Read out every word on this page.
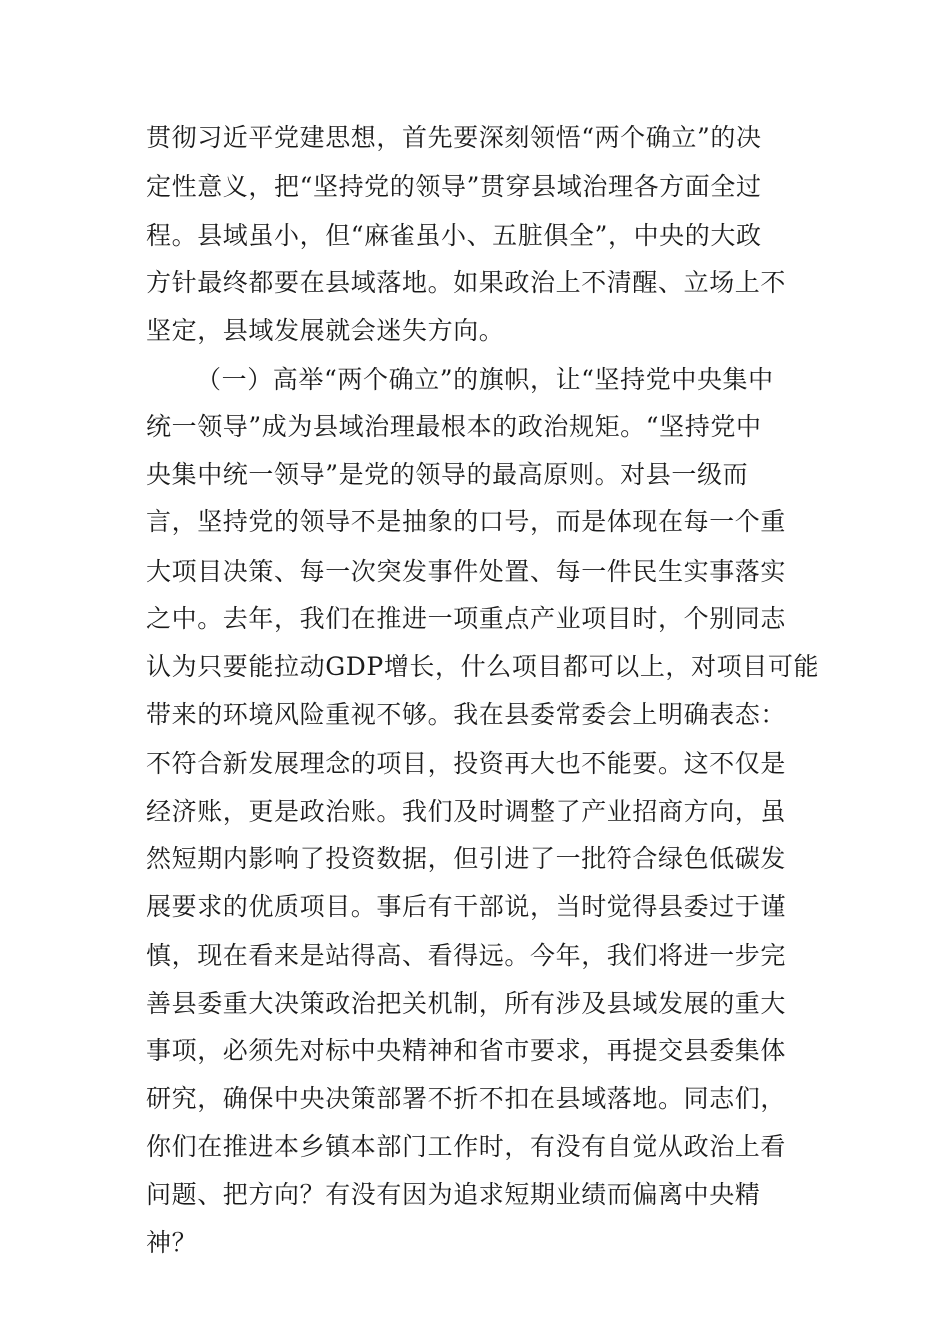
贯彻习近平党建思想，首先要深刻领悟“两个确立”的决
定性意义，把“坚持党的领导”贯穿县域治理各方面全过
程。县域虽小，但“麻雀虽小、五脏俱全”，中央的大政
方针最终都要在县域落地。如果政治上不清醒、立场上不
坚定，县域发展就会迷失方向。
（一）高举“两个确立”的旗帜，让“坚持党中央集中
统一领导”成为县域治理最根本的政治规矩。“坚持党中
央集中统一领导”是党的领导的最高原则。对县一级而
言，坚持党的领导不是抽象的口号，而是体现在每一个重
大项目决策、每一次突发事件处置、每一件民生实事落实
之中。去年，我们在推进一项重点产业项目时，个别同志
认为只要能拉动GDP增长，什么项目都可以上，对项目可能
带来的环境风险重视不够。我在县委常委会上明确表态：
不符合新发展理念的项目，投资再大也不能要。这不仅是
经济账，更是政治账。我们及时调整了产业招商方向，虽
然短期内影响了投资数据，但引进了一批符合绿色低碳发
展要求的优质项目。事后有干部说，当时觉得县委过于谨
慎，现在看来是站得高、看得远。今年，我们将进一步完
善县委重大决策政治把关机制，所有涉及县域发展的重大
事项，必须先对标中央精神和省市要求，再提交县委集体
研究，确保中央决策部署不折不扣在县域落地。同志们，
你们在推进本乡镇本部门工作时，有没有自觉从政治上看
问题、把方向？有没有因为追求短期业绩而偏离中央精
神？
